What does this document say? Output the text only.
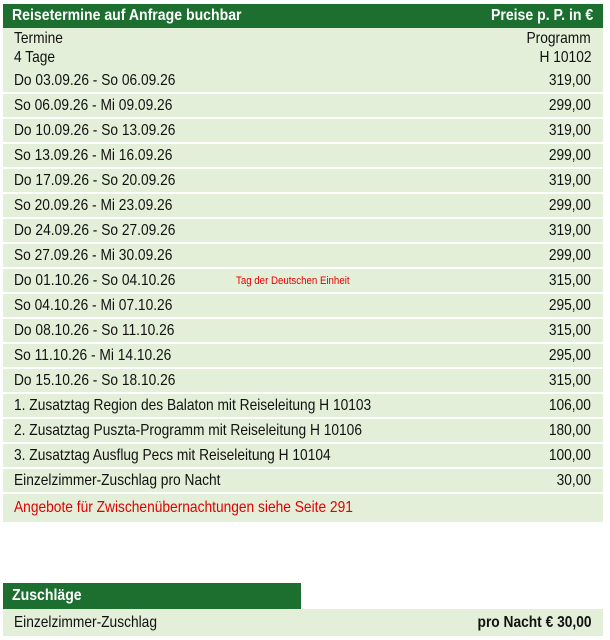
Reisetermine auf Anfrage buchbar	Preise p. P. in €
Termine	Programm
4 Tage	H 10102
Do 03.09.26 - So 06.09.26	319,00
So 06.09.26 - Mi 09.09.26	299,00
Do 10.09.26 - So 13.09.26	319,00
So 13.09.26 - Mi 16.09.26	299,00
Do 17.09.26 - So 20.09.26	319,00
So 20.09.26 - Mi 23.09.26	299,00
Do 24.09.26 - So 27.09.26	319,00
So 27.09.26 - Mi 30.09.26	299,00
Do 01.10.26 - So 04.10.26	Tag der Deutschen Einheit	315,00
So 04.10.26 - Mi 07.10.26	295,00
Do 08.10.26 - So 11.10.26	315,00
So 11.10.26 - Mi 14.10.26	295,00
Do 15.10.26 - So 18.10.26	315,00
1. Zusatztag Region des Balaton mit Reiseleitung H 10103	106,00
2. Zusatztag Puszta-Programm mit Reiseleitung H 10106	180,00
3. Zusatztag Ausflug Pecs mit Reiseleitung H 10104	100,00
Einzelzimmer-Zuschlag pro Nacht	30,00
Angebote für Zwischenübernachtungen siehe Seite 291
Zuschläge
Einzelzimmer-Zuschlag	pro Nacht € 30,00
